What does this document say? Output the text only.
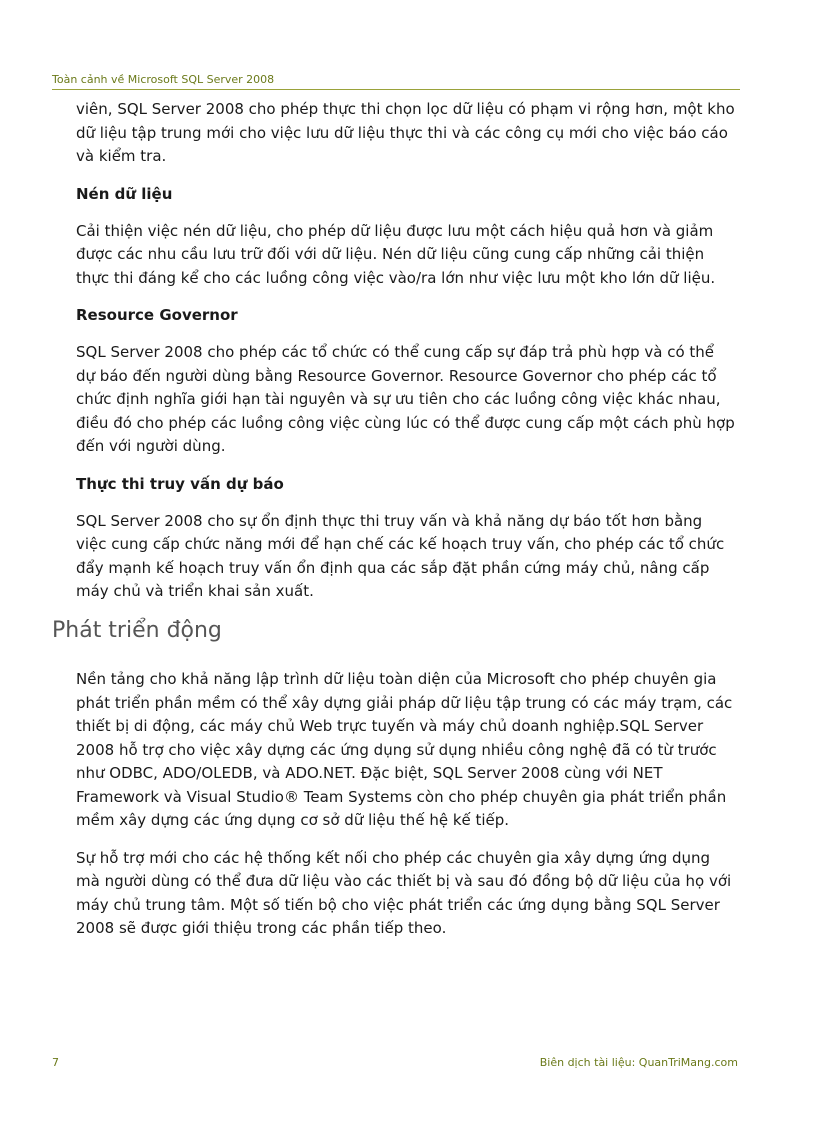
Toàn cảnh về Microsoft SQL Server 2008

viên, SQL Server 2008 cho phép thực thi chọn lọc dữ liệu có phạm vi rộng hơn, một kho dữ liệu tập trung mới cho việc lưu dữ liệu thực thi và các công cụ mới cho việc báo cáo và kiểm tra.

Nén dữ liệu

Cải thiện việc nén dữ liệu, cho phép dữ liệu được lưu một cách hiệu quả hơn và giảm được các nhu cầu lưu trữ đối với dữ liệu. Nén dữ liệu cũng cung cấp những cải thiện thực thi đáng kể cho các luồng công việc vào/ra lớn như việc lưu một kho lớn dữ liệu.

Resource Governor

SQL Server 2008 cho phép các tổ chức có thể cung cấp sự đáp trả phù hợp và có thể dự báo đến người dùng bằng Resource Governor. Resource Governor cho phép các tổ chức định nghĩa giới hạn tài nguyên và sự ưu tiên cho các luồng công việc khác nhau, điều đó cho phép các luồng công việc cùng lúc có thể được cung cấp một cách phù hợp đến với người dùng.

Thực thi truy vấn dự báo

SQL Server 2008 cho sự ổn định thực thi truy vấn và khả năng dự báo tốt hơn bằng việc cung cấp chức năng mới để hạn chế các kế hoạch truy vấn, cho phép các tổ chức đẩy mạnh kế hoạch truy vấn ổn định qua các sắp đặt phần cứng máy chủ, nâng cấp máy chủ và triển khai sản xuất.

Phát triển động

Nền tảng cho khả năng lập trình dữ liệu toàn diện của Microsoft cho phép chuyên gia phát triển phần mềm có thể xây dựng giải pháp dữ liệu tập trung có các máy trạm, các thiết bị di động, các máy chủ Web trực tuyến và máy chủ doanh nghiệp.SQL Server 2008 hỗ trợ cho việc xây dựng các ứng dụng sử dụng nhiều công nghệ đã có từ trước như ODBC, ADO/OLEDB, và ADO.NET. Đặc biệt, SQL Server 2008 cùng với NET Framework và Visual Studio® Team Systems còn cho phép chuyên gia phát triển phần mềm xây dựng các ứng dụng cơ sở dữ liệu thế hệ kế tiếp.

Sự hỗ trợ mới cho các hệ thống kết nối cho phép các chuyên gia xây dựng ứng dụng mà người dùng có thể đưa dữ liệu vào các thiết bị và sau đó đồng bộ dữ liệu của họ với máy chủ trung tâm. Một số tiến bộ cho việc phát triển các ứng dụng bằng SQL Server 2008 sẽ được giới thiệu trong các phần tiếp theo.

7	Biên dịch tài liệu: QuanTriMang.com
